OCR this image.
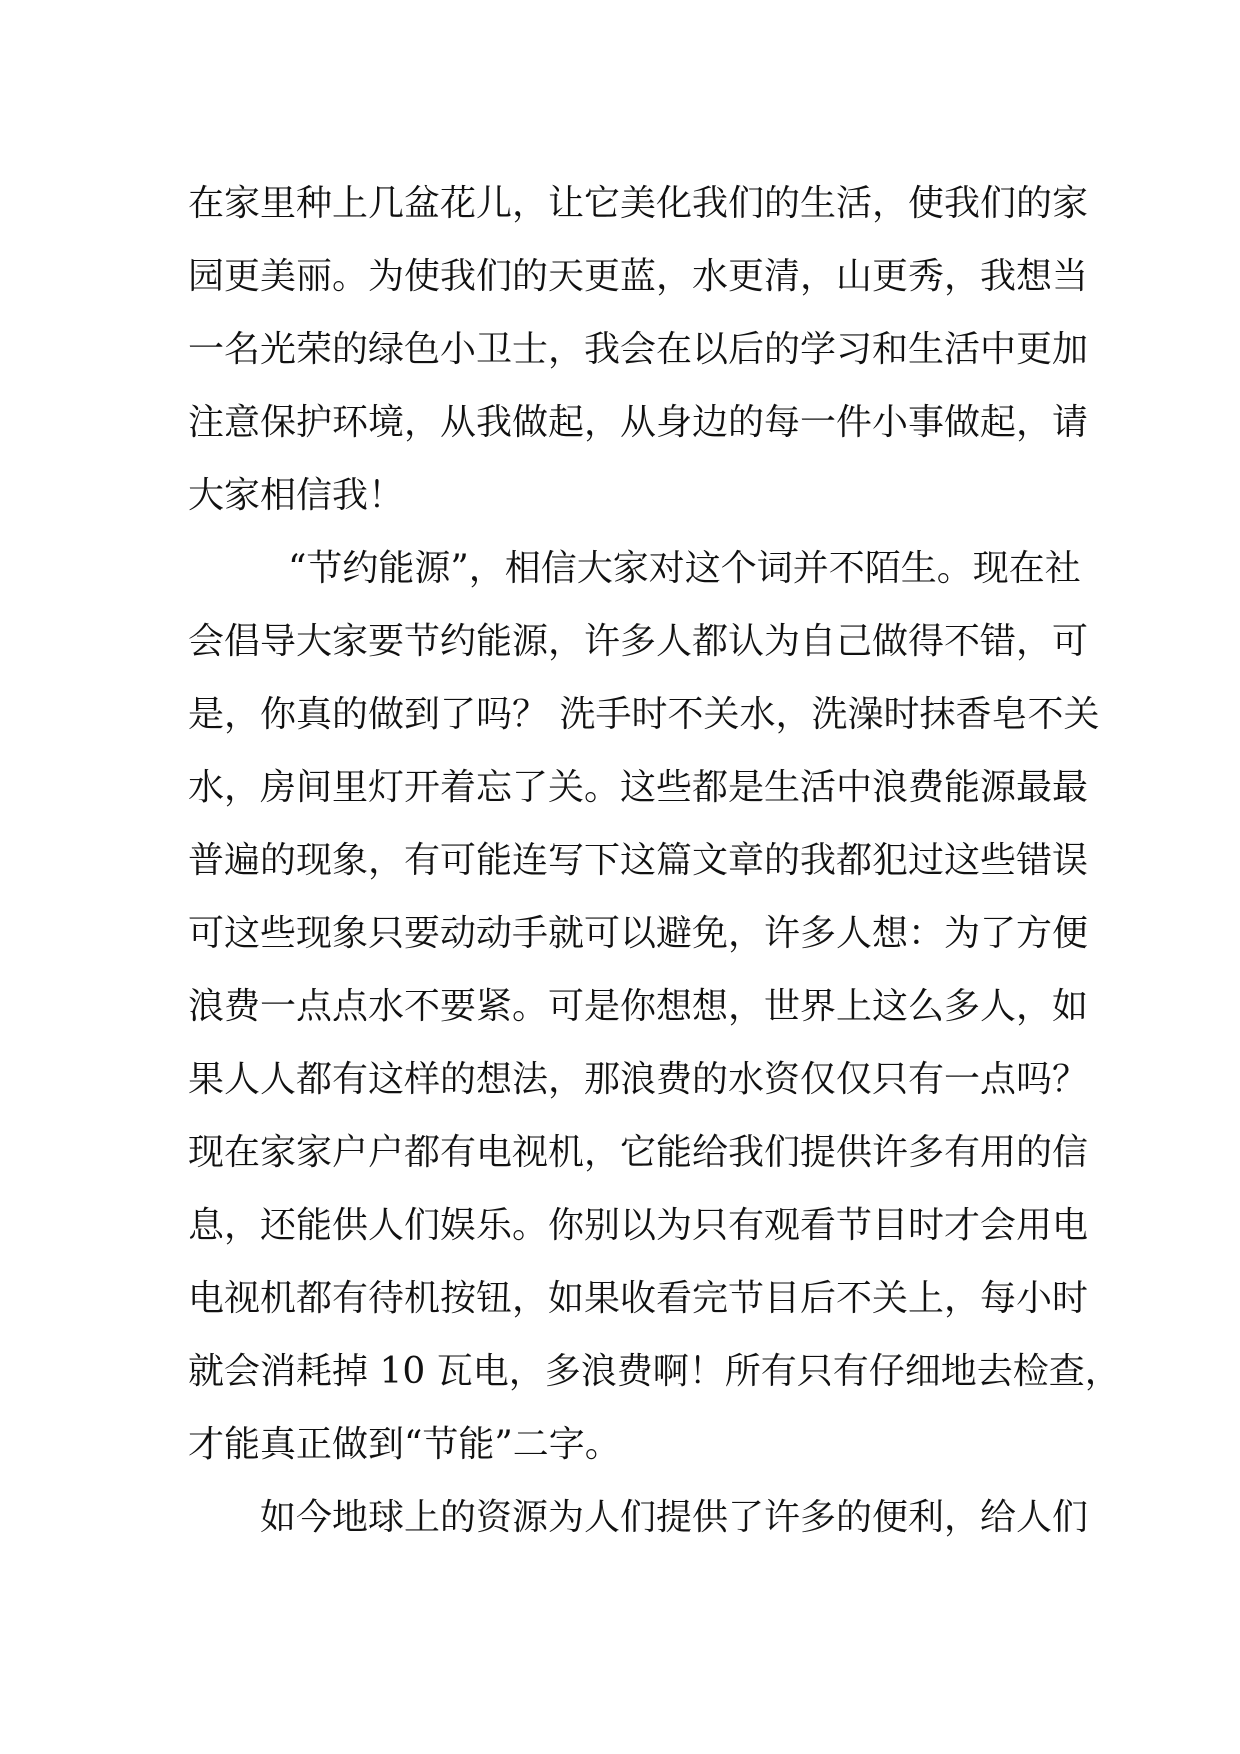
在家里种上几盆花儿，让它美化我们的生活，使我们的家
园更美丽。为使我们的天更蓝，水更清，山更秀，我想当
一名光荣的绿色小卫士，我会在以后的学习和生活中更加
注意保护环境，从我做起，从身边的每一件小事做起，请
大家相信我！
“节约能源”，相信大家对这个词并不陌生。现在社
会倡导大家要节约能源，许多人都认为自己做得不错，可
是，你真的做到了吗？ 洗手时不关水，洗澡时抹香皂不关
水，房间里灯开着忘了关。这些都是生活中浪费能源最最
普遍的现象，有可能连写下这篇文章的我都犯过这些错误
可这些现象只要动动手就可以避免，许多人想：为了方便
浪费一点点水不要紧。可是你想想，世界上这么多人，如
果人人都有这样的想法，那浪费的水资仅仅只有一点吗？
现在家家户户都有电视机，它能给我们提供许多有用的信
息，还能供人们娱乐。你别以为只有观看节目时才会用电
电视机都有待机按钮，如果收看完节目后不关上，每小时
就会消耗掉 10 瓦电，多浪费啊！所有只有仔细地去检查，
才能真正做到“节能”二字。
如今地球上的资源为人们提供了许多的便利，给人们
